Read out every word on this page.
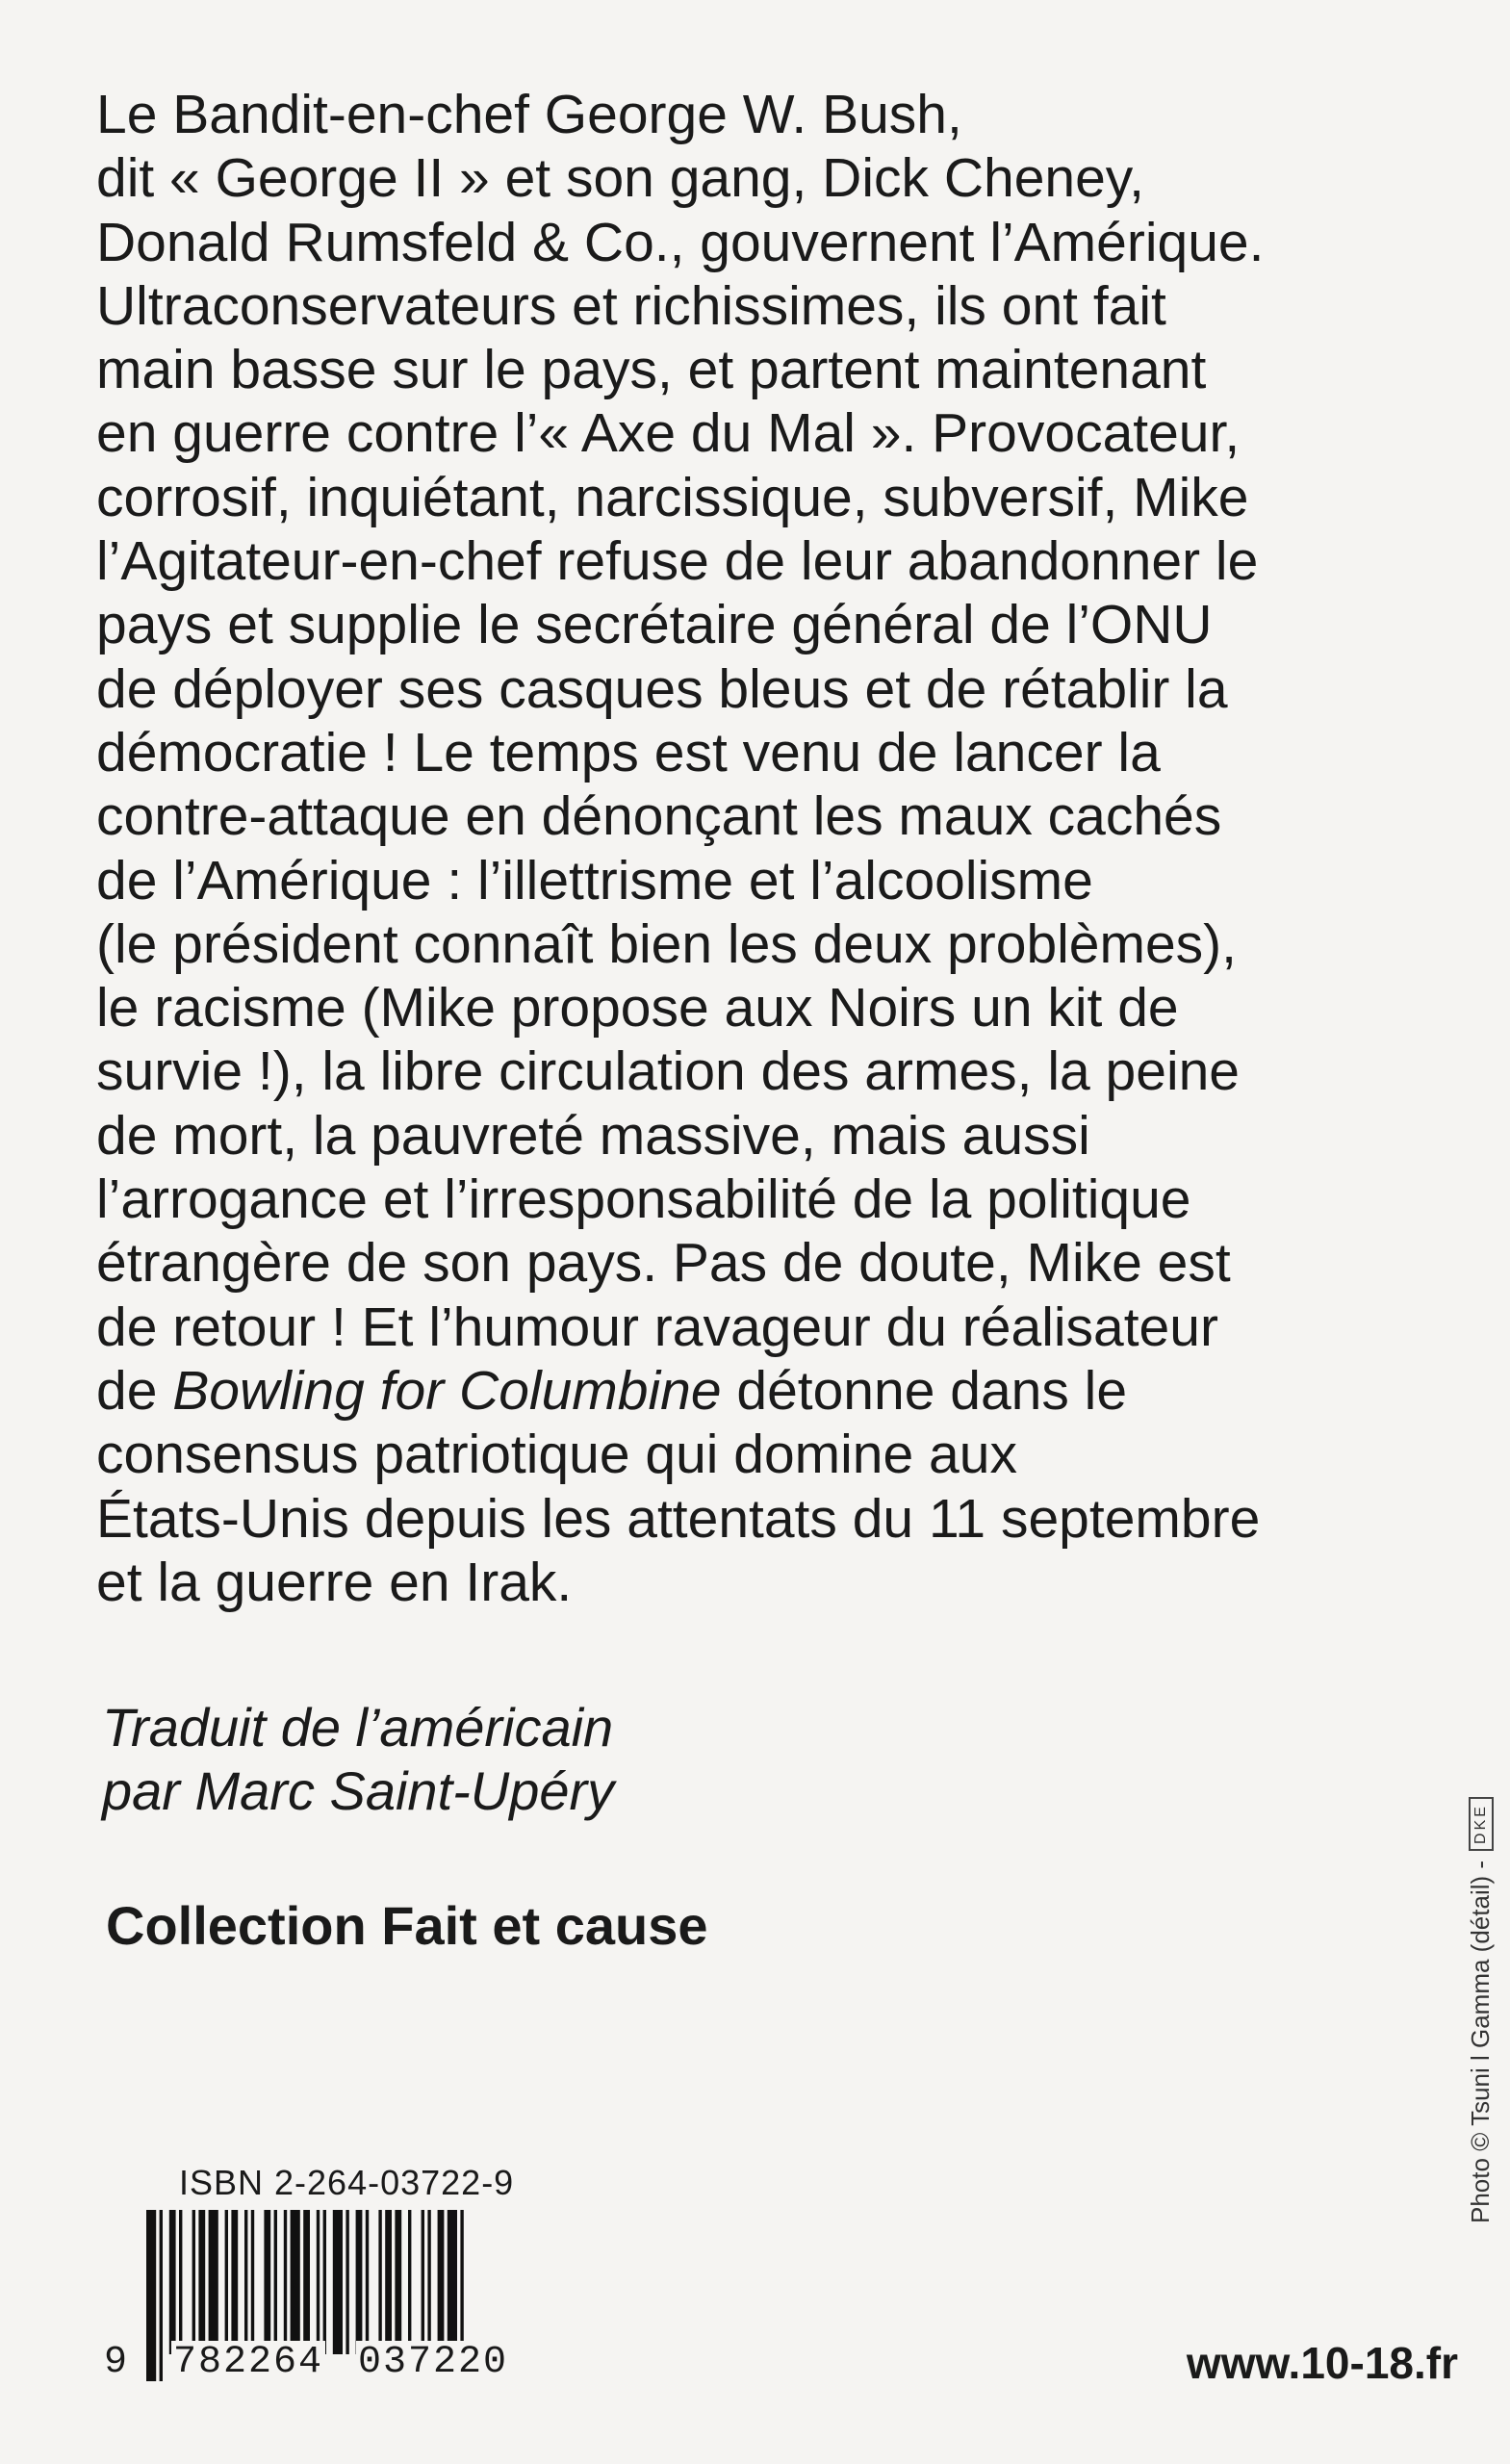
Le Bandit-en-chef George W. Bush,
dit « George II » et son gang, Dick Cheney,
Donald Rumsfeld & Co., gouvernent l’Amérique.
Ultraconservateurs et richissimes, ils ont fait
main basse sur le pays, et partent maintenant
en guerre contre l’« Axe du Mal ». Provocateur,
corrosif, inquiétant, narcissique, subversif, Mike
l’Agitateur-en-chef refuse de leur abandonner le
pays et supplie le secrétaire général de l’ONU
de déployer ses casques bleus et de rétablir la
démocratie ! Le temps est venu de lancer la
contre-attaque en dénonçant les maux cachés
de l’Amérique : l’illettrisme et l’alcoolisme
(le président connaît bien les deux problèmes),
le racisme (Mike propose aux Noirs un kit de
survie !), la libre circulation des armes, la peine
de mort, la pauvreté massive, mais aussi
l’arrogance et l’irresponsabilité de la politique
étrangère de son pays. Pas de doute, Mike est
de retour ! Et l’humour ravageur du réalisateur
de Bowling for Columbine détonne dans le
consensus patriotique qui domine aux
États-Unis depuis les attentats du 11 septembre
et la guerre en Irak.
Traduit de l’américain
par Marc Saint-Upéry
Collection Fait et cause
ISBN 2-264-03722-9
9 782264 037220	www.10-18.fr
Photo © Tsuni l Gamma (détail) -
DKE
